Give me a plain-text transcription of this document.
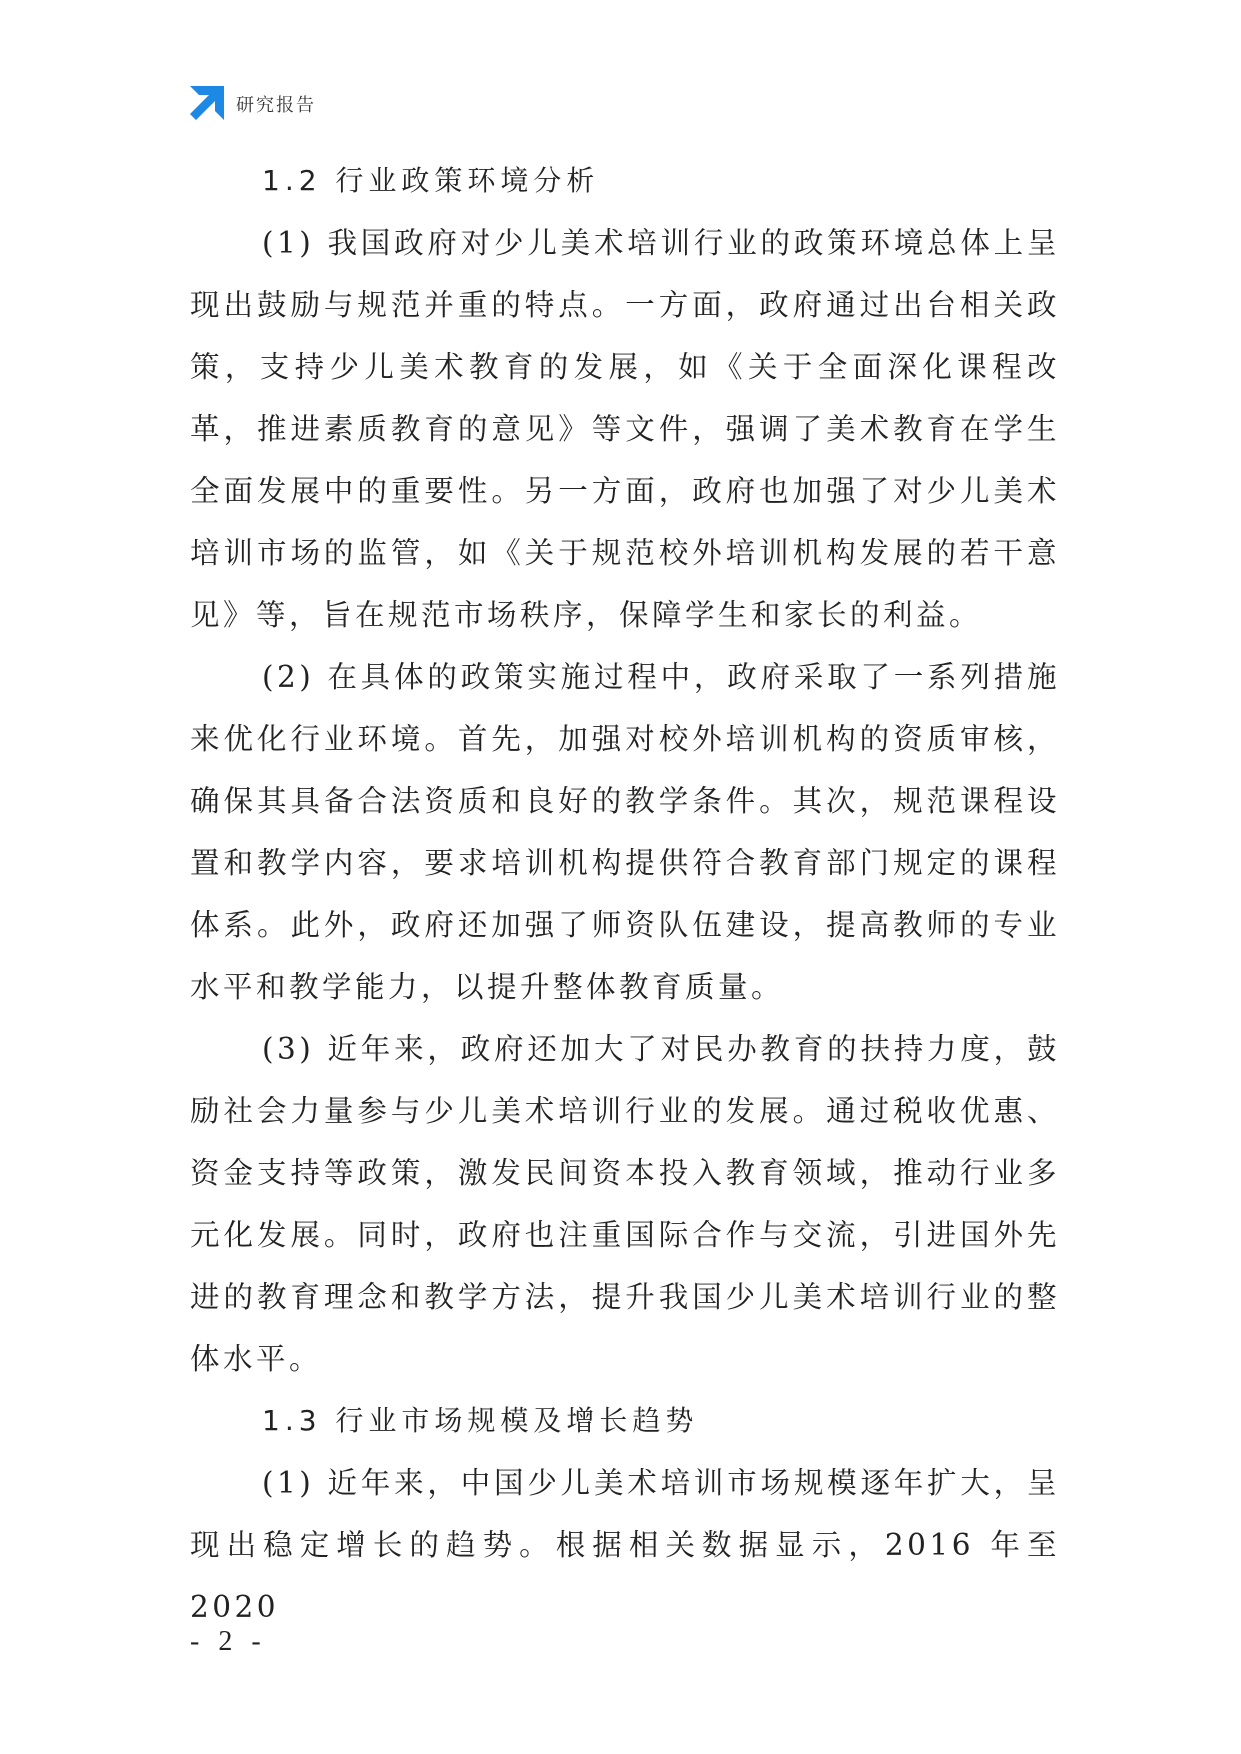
研究报告
1.2 行业政策环境分析

(1) 我国政府对少儿美术培训行业的政策环境总体上呈现出鼓励与规范并重的特点。一方面，政府通过出台相关政策，支持少儿美术教育的发展，如《关于全面深化课程改革，推进素质教育的意见》等文件，强调了美术教育在学生全面发展中的重要性。另一方面，政府也加强了对少儿美术培训市场的监管，如《关于规范校外培训机构发展的若干意见》等，旨在规范市场秩序，保障学生和家长的利益。

(2) 在具体的政策实施过程中，政府采取了一系列措施来优化行业环境。首先，加强对校外培训机构的资质审核，确保其具备合法资质和良好的教学条件。其次，规范课程设置和教学内容，要求培训机构提供符合教育部门规定的课程体系。此外，政府还加强了师资队伍建设，提高教师的专业水平和教学能力，以提升整体教育质量。

(3) 近年来，政府还加大了对民办教育的扶持力度，鼓励社会力量参与少儿美术培训行业的发展。通过税收优惠、资金支持等政策，激发民间资本投入教育领域，推动行业多元化发展。同时，政府也注重国际合作与交流，引进国外先进的教育理念和教学方法，提升我国少儿美术培训行业的整体水平。

1.3 行业市场规模及增长趋势

(1) 近年来，中国少儿美术培训市场规模逐年扩大，呈现出稳定增长的趋势。根据相关数据显示，2016 年至 2020

- 2 -
